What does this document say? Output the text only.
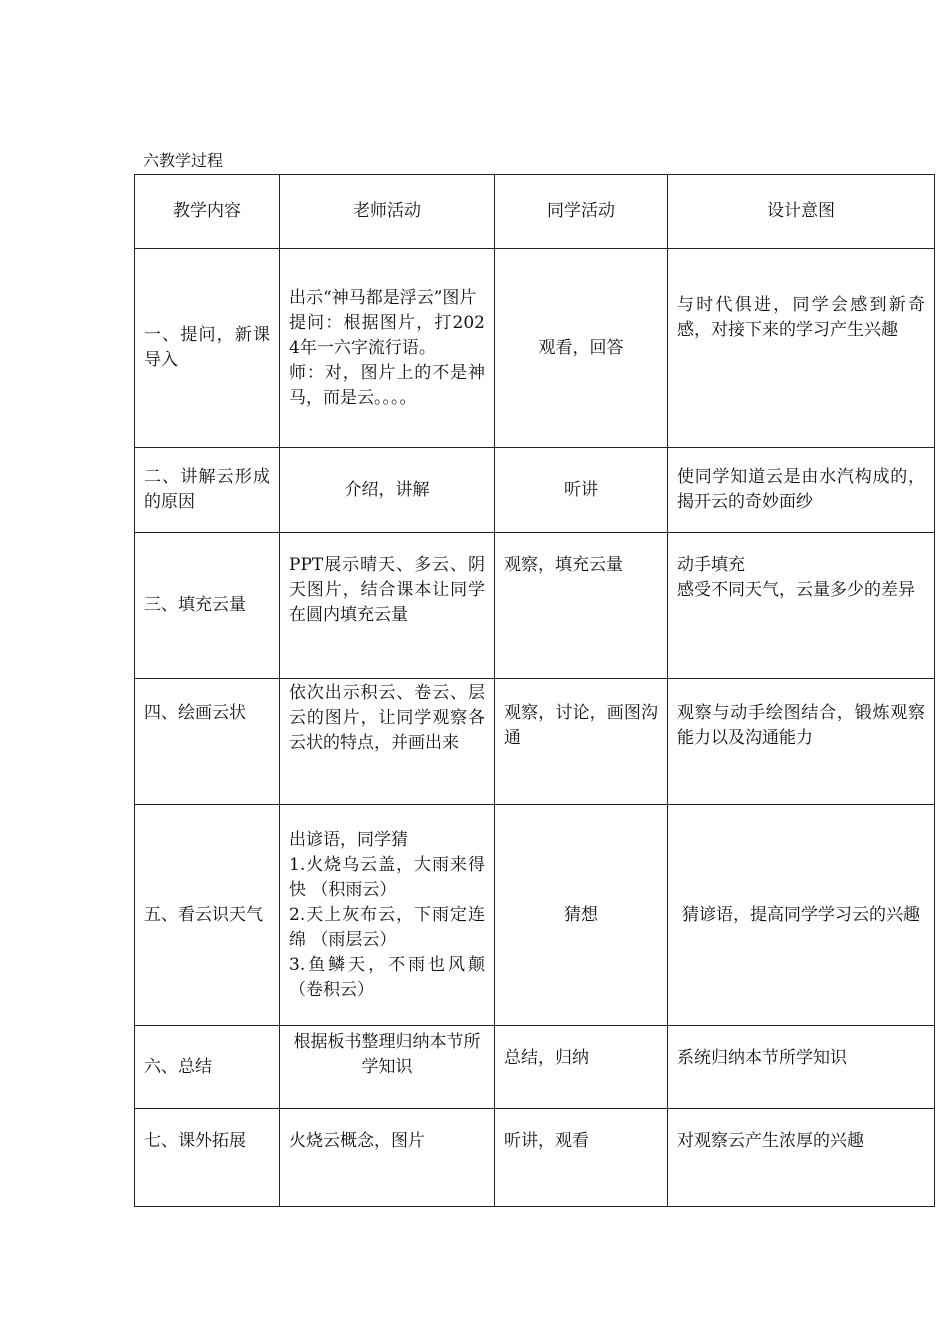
六教学过程
教学内容	老师活动	同学活动	设计意图
一、提问，新课导入	出示“神马都是浮云”图片
提问：根据图片，打2024年一六字流行语。
师：对，图片上的不是神马，而是云。。。。	观看，回答	与时代俱进，同学会感到新奇感，对接下来的学习产生兴趣

二、讲解云形成的原因	介绍，讲解	听讲	使同学知道云是由水汽构成的，揭开云的奇妙面纱

三、填充云量	PPT展示晴天、多云、阴天图片，结合课本让同学在圆内填充云量	观察，填充云量	动手填充
感受不同天气，云量多少的差异

四、绘画云状	依次出示积云、卷云、层云的图片，让同学观察各云状的特点，并画出来	观察，讨论，画图沟通	观察与动手绘图结合，锻炼观察能力以及沟通能力

五、看云识天气	出谚语，同学猜
1.火烧乌云盖，大雨来得快 （积雨云）
2.天上灰布云，下雨定连绵 （雨层云）
3.鱼鳞天，不雨也风颠（卷积云）	猜想	猜谚语，提高同学学习云的兴趣

六、总结	根据板书整理归纳本节所学知识	总结，归纳	系统归纳本节所学知识

七、课外拓展	火烧云概念，图片	听讲，观看	对观察云产生浓厚的兴趣
